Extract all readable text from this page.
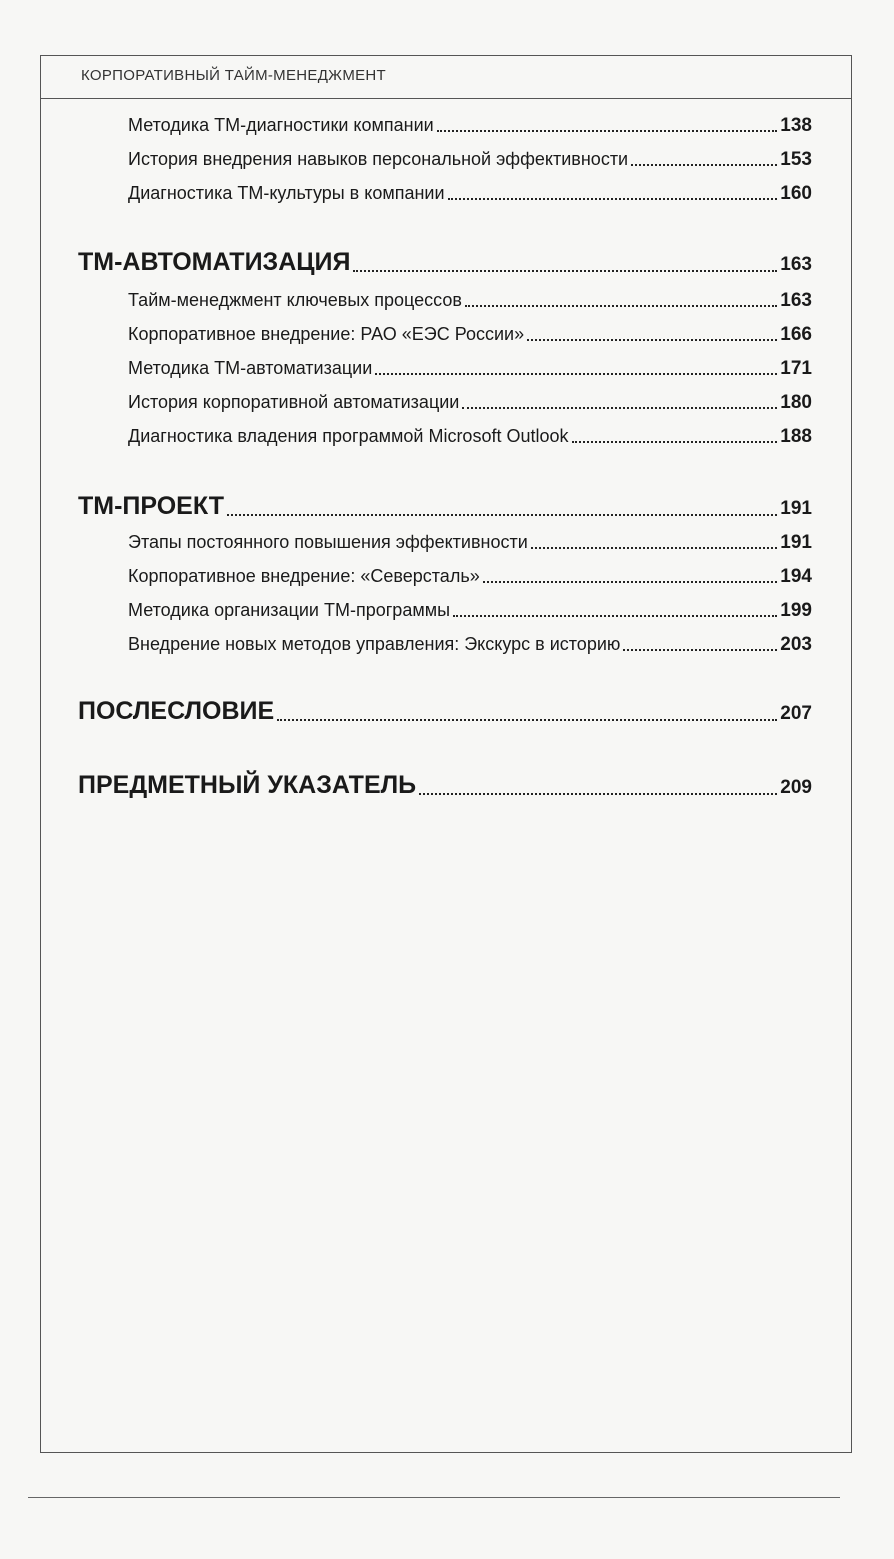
КОРПОРАТИВНЫЙ ТАЙМ-МЕНЕДЖМЕНТ
Методика ТМ-диагностики компании	138
История внедрения навыков персональной эффективности	153
Диагностика ТМ-культуры в компании	160
ТМ-АВТОМАТИЗАЦИЯ	163
Тайм-менеджмент ключевых процессов	163
Корпоративное внедрение: РАО «ЕЭС России»	166
Методика ТМ-автоматизации	171
История корпоративной автоматизации	180
Диагностика владения программой Microsoft Outlook	188
ТМ-ПРОЕКТ	191
Этапы постоянного повышения эффективности	191
Корпоративное внедрение: «Северсталь»	194
Методика организации ТМ-программы	199
Внедрение новых методов управления: Экскурс в историю	203
ПОСЛЕСЛОВИЕ	207
ПРЕДМЕТНЫЙ УКАЗАТЕЛЬ	209
